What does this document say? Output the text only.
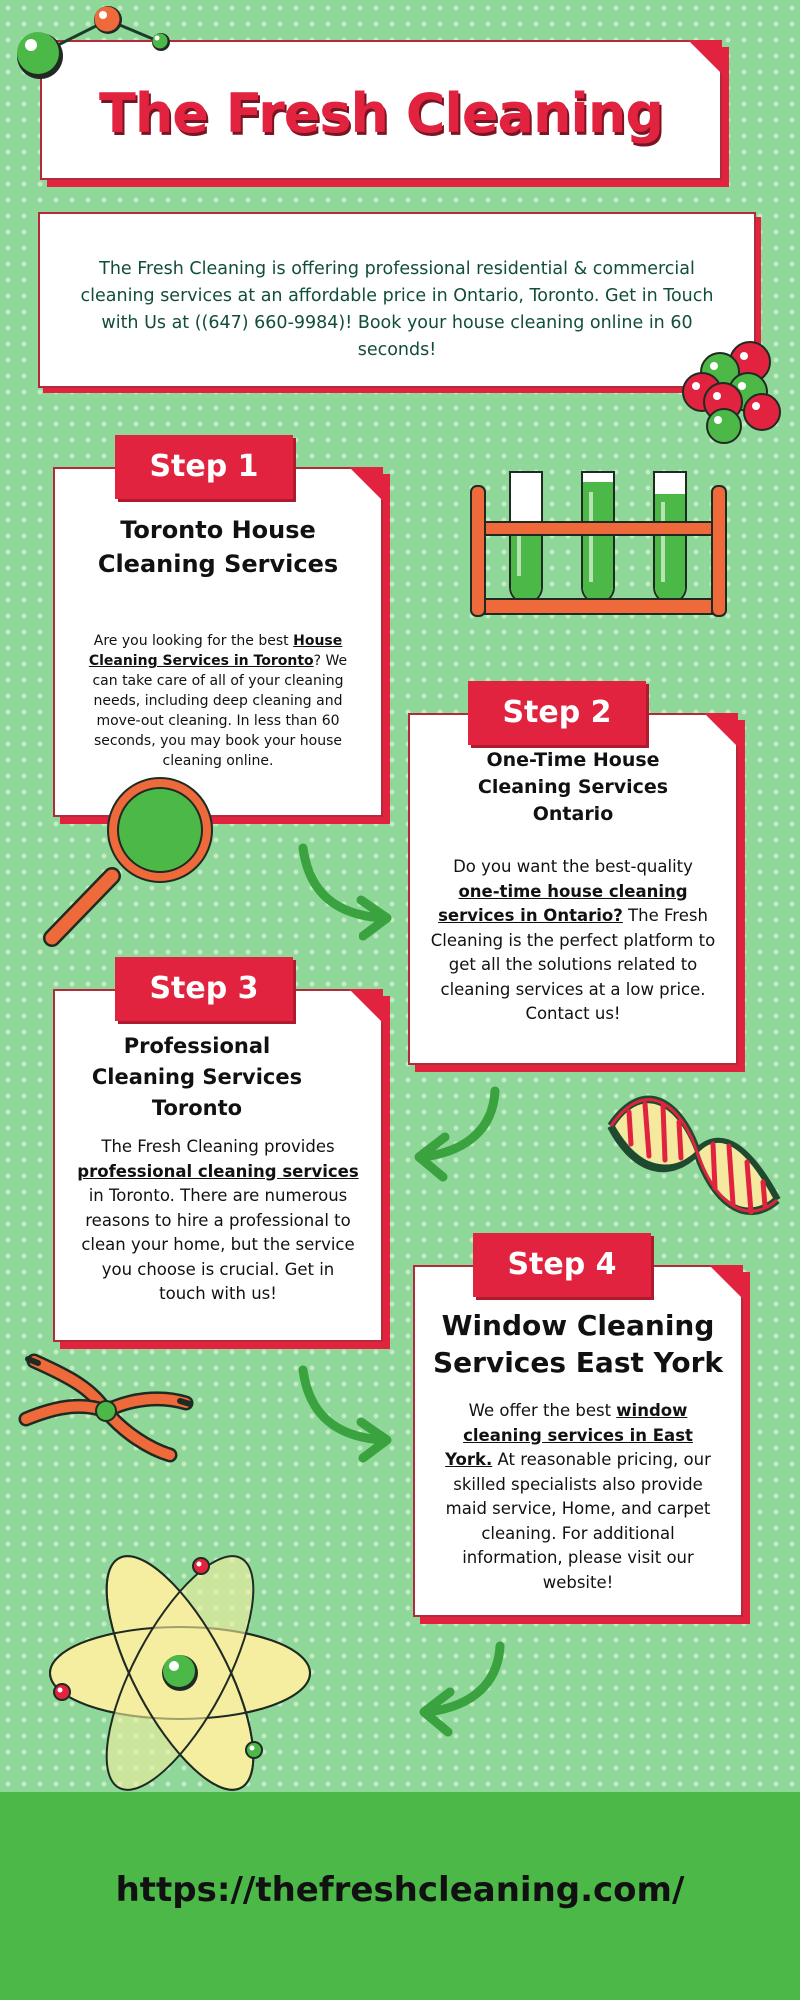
The Fresh Cleaning

The Fresh Cleaning is offering professional residential & commercial cleaning services at an affordable price in Ontario, Toronto. Get in Touch with Us at ((647) 660-9984)! Book your house cleaning online in 60 seconds!

Toronto House
Cleaning Services

Are you looking for the best House Cleaning Services in Toronto? We can take care of all of your cleaning needs, including deep cleaning and move-out cleaning. In less than 60 seconds, you may book your house cleaning online.

Step 1
One-Time House
Cleaning Services
Ontario

Do you want the best-quality one-time house cleaning services in Ontario? The Fresh Cleaning is the perfect platform to get all the solutions related to cleaning services at a low price. Contact us!

Step 2
Professional
Cleaning Services
Toronto

The Fresh Cleaning provides professional cleaning services in Toronto. There are numerous reasons to hire a professional to clean your home, but the service you choose is crucial. Get in touch with us!

Step 3
Window Cleaning
Services East York

We offer the best window cleaning services in East York. At reasonable pricing, our skilled specialists also provide maid service, Home, and carpet cleaning. For additional information, please visit our website!

Step 4
https://thefreshcleaning.com/
